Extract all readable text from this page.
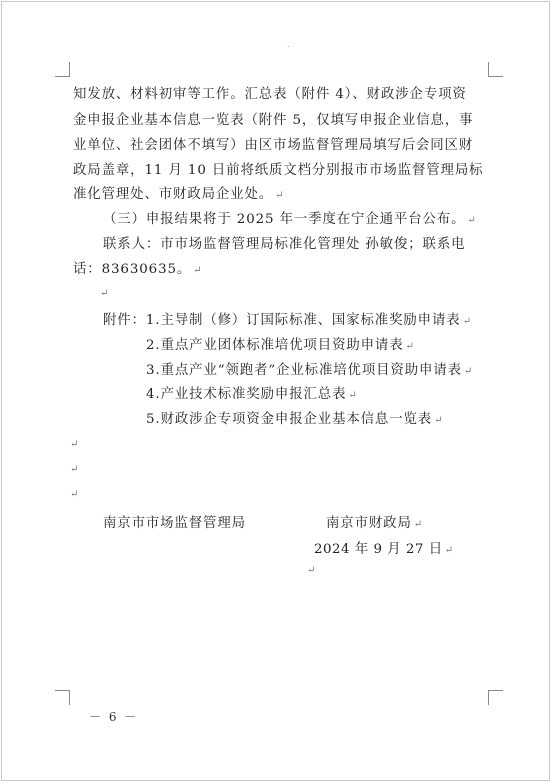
.
知发放、材料初审等工作。汇总表（附件 4）、财政涉企专项资
金申报企业基本信息一览表（附件 5，仅填写申报企业信息，事
业单位、社会团体不填写）由区市场监督管理局填写后会同区财
政局盖章，11 月 10 日前将纸质文档分别报市市场监督管理局标
准化管理处、市财政局企业处。 ↵
（三）申报结果将于 2025 年一季度在宁企通平台公布。 ↵
联系人：市市场监督管理局标准化管理处 孙敏俊；联系电
话：83630635。 ↵
↵
附件：1.主导制（修）订国际标准、国家标准奖励申请表 ↵
2.重点产业团体标准培优项目资助申请表 ↵
3.重点产业“领跑者”企业标准培优项目资助申请表 ↵
4.产业技术标准奖励申报汇总表 ↵
5.财政涉企专项资金申报企业基本信息一览表 ↵
↵
↵
↵
南京市市场监督管理局	南京市财政局 ↵
2024 年 9 月 27 日 ↵
↵
－ 6 －
